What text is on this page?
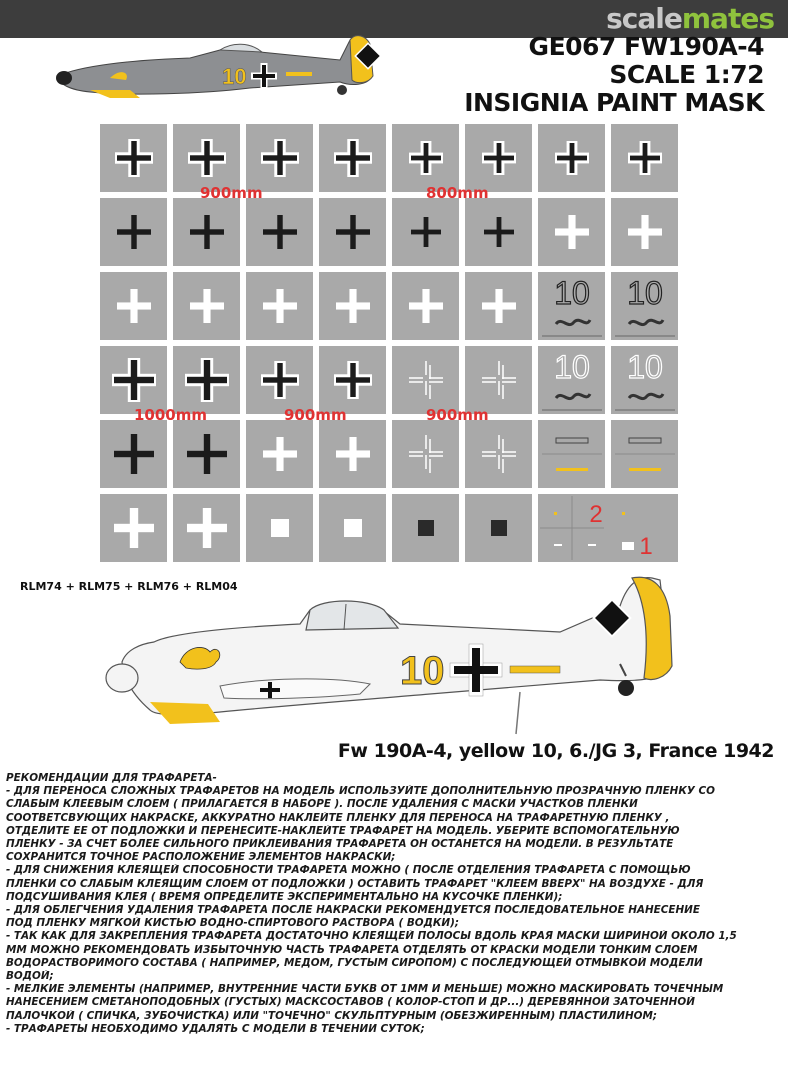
scalemates
10
GE067 FW190A-4
SCALE 1:72
INSIGNIA PAINT MASK
10 10
10 10
2
1
900mm	800mm
1000mm	900mm	900mm
RLM74 + RLM75 + RLM76 + RLM04
10
Fw 190A-4, yellow 10, 6./JG 3, France 1942

РЕКОМЕНДАЦИИ ДЛЯ ТРАФАРЕТА-

- ДЛЯ ПЕРЕНОСА СЛОЖНЫХ ТРАФАРЕТОВ НА МОДЕЛЬ ИСПОЛЬЗУЙТЕ ДОПОЛНИТЕЛЬНУЮ ПРОЗРАЧНУЮ ПЛЕНКУ СО

СЛАБЫМ КЛЕЕВЫМ СЛОЕМ ( ПРИЛАГАЕТСЯ В НАБОРЕ ). ПОСЛЕ УДАЛЕНИЯ С МАСКИ УЧАСТКОВ ПЛЕНКИ

СООТВЕТСВУЮЩИХ НАКРАСКЕ, АККУРАТНО НАКЛЕЙТЕ ПЛЕНКУ ДЛЯ ПЕРЕНОСА НА ТРАФАРЕТНУЮ ПЛЕНКУ ,

ОТДЕЛИТЕ ЕЕ ОТ ПОДЛОЖКИ И ПЕРЕНЕСИТЕ-НАКЛЕЙТЕ ТРАФАРЕТ НА МОДЕЛЬ. УБЕРИТЕ ВСПОМОГАТЕЛЬНУЮ

ПЛЕНКУ - ЗА СЧЕТ БОЛЕЕ СИЛЬНОГО ПРИКЛЕИВАНИЯ ТРАФАРЕТА ОН ОСТАНЕТСЯ НА МОДЕЛИ. В РЕЗУЛЬТАТЕ

СОХРАНИТСЯ ТОЧНОЕ РАСПОЛОЖЕНИЕ ЭЛЕМЕНТОВ НАКРАСКИ;

- ДЛЯ СНИЖЕНИЯ КЛЕЯЩЕЙ СПОСОБНОСТИ ТРАФАРЕТА МОЖНО ( ПОСЛЕ ОТДЕЛЕНИЯ ТРАФАРЕТА С ПОМОЩЬЮ

ПЛЕНКИ СО СЛАБЫМ КЛЕЯЩИМ СЛОЕМ ОТ ПОДЛОЖКИ ) ОСТАВИТЬ ТРАФАРЕТ "КЛЕЕМ ВВЕРХ" НА ВОЗДУХЕ - ДЛЯ

ПОДСУШИВАНИЯ КЛЕЯ ( ВРЕМЯ ОПРЕДЕЛИТЕ ЭКСПЕРИМЕНТАЛЬНО НА КУСОЧКЕ ПЛЕНКИ);

- ДЛЯ ОБЛЕГЧЕНИЯ УДАЛЕНИЯ ТРАФАРЕТА ПОСЛЕ НАКРАСКИ РЕКОМЕНДУЕТСЯ ПОСЛЕДОВАТЕЛЬНОЕ НАНЕСЕНИЕ

ПОД ПЛЕНКУ МЯГКОЙ КИСТЬЮ ВОДНО-СПИРТОВОГО РАСТВОРА ( ВОДКИ);

- ТАК КАК ДЛЯ ЗАКРЕПЛЕНИЯ ТРАФАРЕТА ДОСТАТОЧНО КЛЕЯЩЕЙ ПОЛОСЫ ВДОЛЬ КРАЯ МАСКИ ШИРИНОЙ ОКОЛО 1,5

ММ МОЖНО РЕКОМЕНДОВАТЬ ИЗБЫТОЧНУЮ ЧАСТЬ ТРАФАРЕТА ОТДЕЛЯТЬ ОТ КРАСКИ МОДЕЛИ ТОНКИМ СЛОЕМ

ВОДОРАСТВОРИМОГО СОСТАВА ( НАПРИМЕР, МЕДОМ, ГУСТЫМ СИРОПОМ) С ПОСЛЕДУЮЩЕЙ ОТМЫВКОЙ МОДЕЛИ

ВОДОЙ;

- МЕЛКИЕ ЭЛЕМЕНТЫ (НАПРИМЕР, ВНУТРЕННИЕ ЧАСТИ БУКВ ОТ 1ММ И МЕНЬШЕ) МОЖНО МАСКИРОВАТЬ ТОЧЕЧНЫМ

НАНЕСЕНИЕМ СМЕТАНОПОДОБНЫХ (ГУСТЫХ) МАСКСОСТАВОВ ( КОЛОР-СТОП И ДР...) ДЕРЕВЯННОЙ ЗАТОЧЕННОЙ

ПАЛОЧКОЙ ( СПИЧКА, ЗУБОЧИСТКА) ИЛИ "ТОЧЕЧНО" СКУЛЬПТУРНЫМ (ОБЕЗЖИРЕННЫМ) ПЛАСТИЛИНОМ;

- ТРАФАРЕТЫ НЕОБХОДИМО УДАЛЯТЬ С МОДЕЛИ В ТЕЧЕНИИ СУТОК;
